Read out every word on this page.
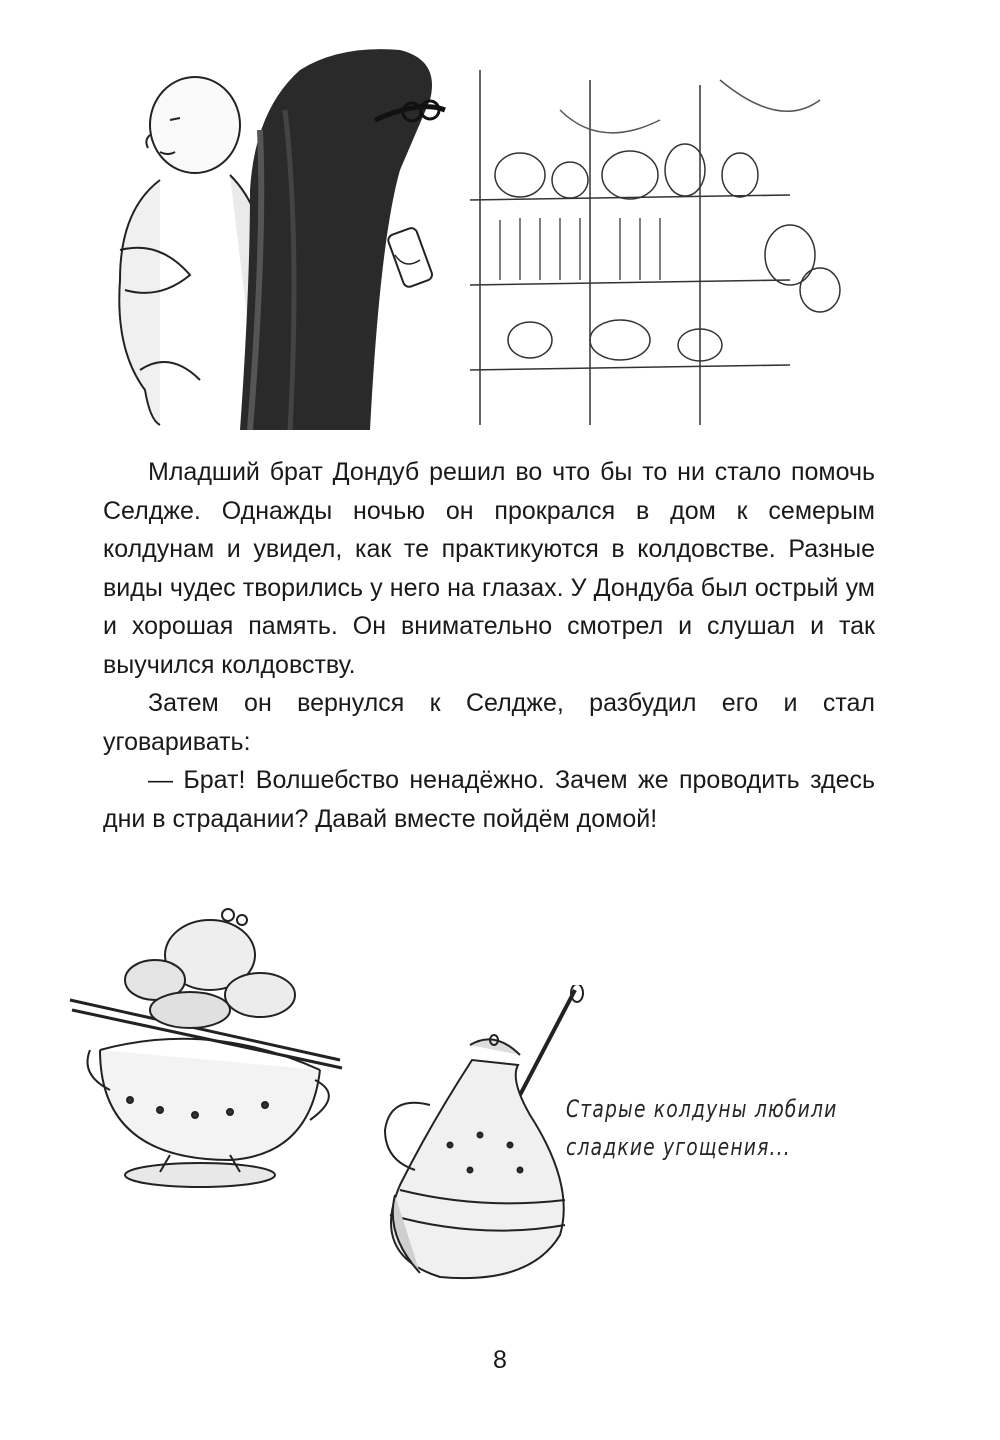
Младший брат Дондуб решил во что бы то ни стало помочь Селдже. Однажды ночью он прокрался в дом к семерым колдунам и увидел, как те практикуются в колдовстве. Разные виды чудес творились у него на глазах. У Дондуба был острый ум и хорошая память. Он внимательно смотрел и слушал и так выучился колдовству.

Затем он вернулся к Селдже, разбудил его и стал уговаривать:

— Брат! Волшебство ненадёжно. Зачем же проводить здесь дни в страдании? Давай вместе пойдём домой!

Старые колдуны любили
сладкие угощения...
8
